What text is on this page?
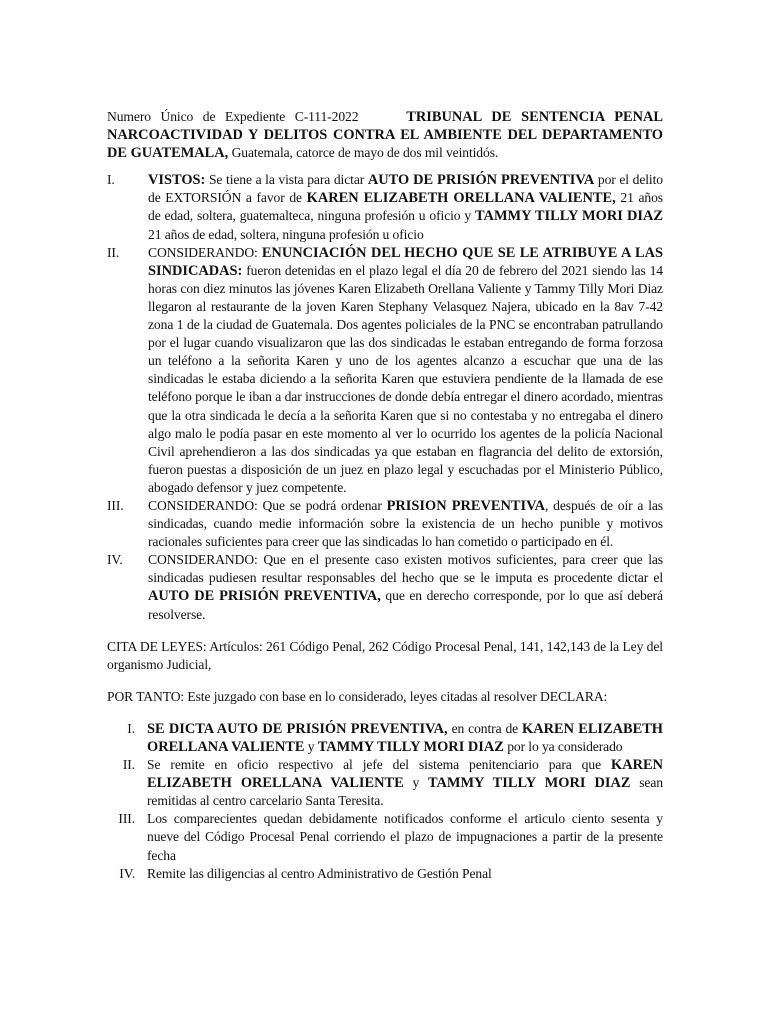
Numero Único de Expediente C-111-2022	TRIBUNAL DE SENTENCIA PENAL NARCOACTIVIDAD Y DELITOS CONTRA EL AMBIENTE DEL DEPARTAMENTO DE GUATEMALA, Guatemala, catorce de mayo de dos mil veintidós.

I.	VISTOS: Se tiene a la vista para dictar AUTO DE PRISIÓN PREVENTIVA por el delito de EXTORSIÓN a favor de KAREN ELIZABETH ORELLANA VALIENTE, 21 años de edad, soltera, guatemalteca, ninguna profesión u oficio y TAMMY TILLY MORI DIAZ 21 años de edad, soltera, ninguna profesión u oficio
II.	CONSIDERANDO: ENUNCIACIÓN DEL HECHO QUE SE LE ATRIBUYE A LAS SINDICADAS: fueron detenidas en el plazo legal el día 20 de febrero del 2021 siendo las 14 horas con diez minutos las jóvenes Karen Elizabeth Orellana Valiente y Tammy Tilly Mori Diaz llegaron al restaurante de la joven Karen Stephany Velasquez Najera, ubicado en la 8av 7-42 zona 1 de la ciudad de Guatemala. Dos agentes policiales de la PNC se encontraban patrullando por el lugar cuando visualizaron que las dos sindicadas le estaban entregando de forma forzosa un teléfono a la señorita Karen y uno de los agentes alcanzo a escuchar que una de las sindicadas le estaba diciendo a la señorita Karen que estuviera pendiente de la llamada de ese teléfono porque le iban a dar instrucciones de donde debía entregar el dinero acordado, mientras que la otra sindicada le decía a la señorita Karen que si no contestaba y no entregaba el dinero algo malo le podía pasar en este momento al ver lo ocurrido los agentes de la policía Nacional Civil aprehendieron a las dos sindicadas ya que estaban en flagrancia del delito de extorsión, fueron puestas a disposición de un juez en plazo legal y escuchadas por el Ministerio Público, abogado defensor y juez competente.
III.	CONSIDERANDO: Que se podrá ordenar PRISION PREVENTIVA, después de oír a las sindicadas, cuando medie información sobre la existencia de un hecho punible y motivos racionales suficientes para creer que las sindicadas lo han cometido o participado en él.
IV.	CONSIDERANDO: Que en el presente caso existen motivos suficientes, para creer que las sindicadas pudiesen resultar responsables del hecho que se le imputa es procedente dictar el AUTO DE PRISIÓN PREVENTIVA, que en derecho corresponde, por lo que así deberá resolverse.

CITA DE LEYES: Artículos: 261 Código Penal, 262 Código Procesal Penal, 141, 142,143 de la Ley del organismo Judicial,

POR TANTO: Este juzgado con base en lo considerado, leyes citadas al resolver DECLARA:

I. SE DICTA AUTO DE PRISIÓN PREVENTIVA, en contra de KAREN ELIZABETH ORELLANA VALIENTE y TAMMY TILLY MORI DIAZ por lo ya considerado
II. Se remite en oficio respectivo al jefe del sistema penitenciario para que KAREN ELIZABETH ORELLANA VALIENTE y TAMMY TILLY MORI DIAZ sean remitidas al centro carcelario Santa Teresita.
III. Los comparecientes quedan debidamente notificados conforme el articulo ciento sesenta y nueve del Código Procesal Penal corriendo el plazo de impugnaciones a partir de la presente fecha
IV. Remite las diligencias al centro Administrativo de Gestión Penal
